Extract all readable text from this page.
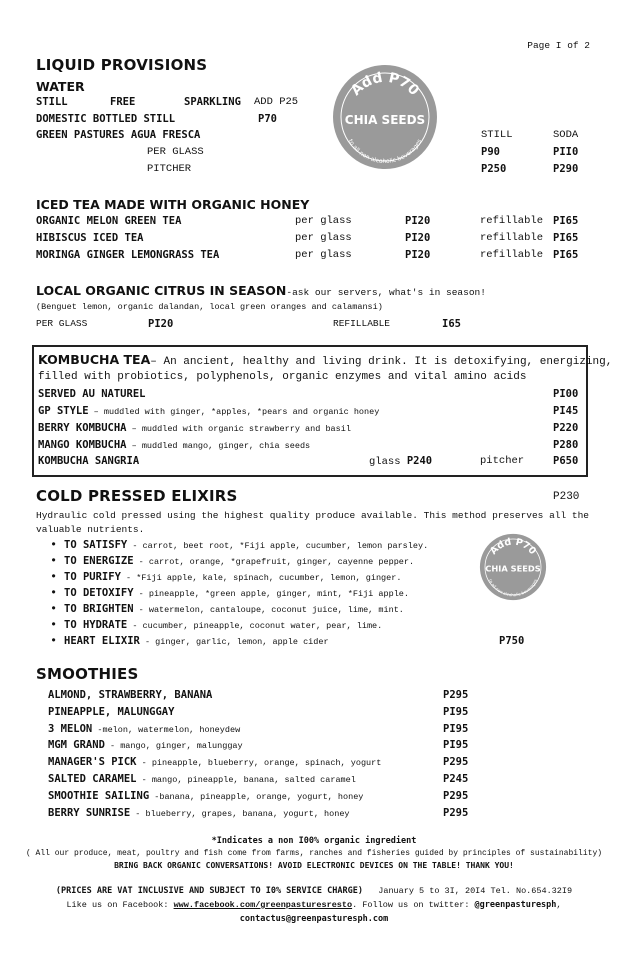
Page I of 2
LIQUID PROVISIONS
WATER
STILL	FREE	SPARKLING ADD P25
DOMESTIC BOTTLED STILL	P70
GREEN PASTURES AGUA FRESCA	STILL	SODA
PER GLASS	P90	PII0
PITCHER	P250	P290
Add P70
CHIA SEEDS
to all non alcoholic beverages
ICED TEA MADE WITH ORGANIC HONEY
ORGANIC MELON GREEN TEA	per glass	PI20	refillable PI65
HIBISCUS ICED TEA	per glass	PI20	refillable PI65
MORINGA GINGER LEMONGRASS TEA	per glass	PI20	refillable PI65
LOCAL ORGANIC CITRUS IN SEASON-ask our servers, what's in season!
(Benguet lemon, organic dalandan, local green oranges and calamansi)
PER GLASS	PI20	REFILLABLE	I65
KOMBUCHA TEA– An ancient, healthy and living drink. It is detoxifying, energizing,
filled with probiotics, polyphenols, organic enzymes and vital amino acids
SERVED AU NATUREL	PI00
GP STYLE – muddled with ginger, *apples, *pears and organic honey	PI45
BERRY KOMBUCHA – muddled with organic strawberry and basil	P220
MANGO KOMBUCHA – muddled mango, ginger, chia seeds	P280
KOMBUCHA SANGRIA	glass P240	pitcher	P650
COLD PRESSED ELIXIRS	P230
Hydraulic cold pressed using the highest quality produce available. This method preserves all the
valuable nutrients.
• TO SATISFY - carrot, beet root, *Fiji apple, cucumber, lemon parsley.
• TO ENERGIZE - carrot, orange, *grapefruit, ginger, cayenne pepper.
• TO PURIFY - *Fiji apple, kale, spinach, cucumber, lemon, ginger.
• TO DETOXIFY - pineapple, *green apple, ginger, mint, *Fiji apple.
• TO BRIGHTEN - watermelon, cantaloupe, coconut juice, lime, mint.
• TO HYDRATE - cucumber, pineapple, coconut water, pear, lime.
• HEART ELIXIR - ginger, garlic, lemon, apple cider	P750
Add P70
CHIA SEEDS
to all non alcoholic beverages
SMOOTHIES
ALMOND, STRAWBERRY, BANANA	P295
PINEAPPLE, MALUNGGAY	PI95
3 MELON -melon, watermelon, honeydew	PI95
MGM GRAND - mango, ginger, malunggay	PI95
MANAGER'S PICK - pineapple, blueberry, orange, spinach, yogurt	P295
SALTED CARAMEL - mango, pineapple, banana, salted caramel	P245
SMOOTHIE SAILING -banana, pineapple, orange, yogurt, honey	P295
BERRY SUNRISE - blueberry, grapes, banana, yogurt, honey	P295
*Indicates a non I00% organic ingredient
( All our produce, meat, poultry and fish come from farms, ranches and fisheries guided by principles of sustainability)
BRING BACK ORGANIC CONVERSATIONS! AVOID ELECTRONIC DEVICES ON THE TABLE! THANK YOU!
(PRICES ARE VAT INCLUSIVE AND SUBJECT TO I0% SERVICE CHARGE) January 5 to 3I, 20I4 Tel. No.654.32I9
Like us on Facebook: www.facebook.com/greenpasturesresto. Follow us on twitter: @greenpasturesph,
contactus@greenpasturesph.com
